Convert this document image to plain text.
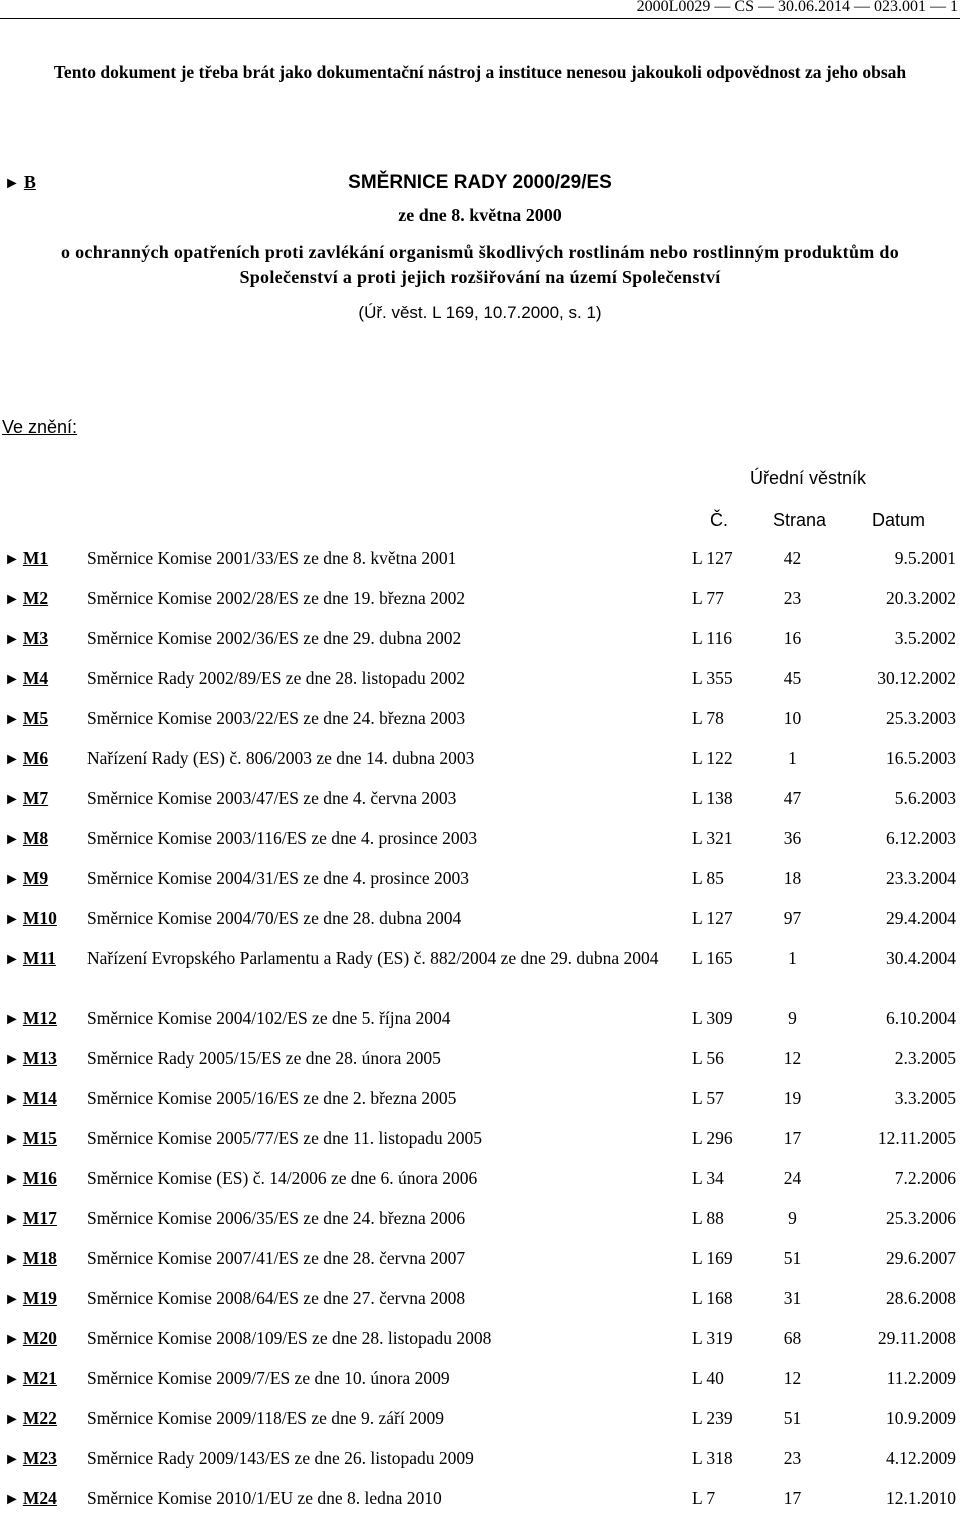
2000L0029 — CS — 30.06.2014 — 023.001 — 1
Tento dokument je třeba brát jako dokumentační nástroj a instituce nenesou jakoukoli odpovědnost za jeho obsah
► B	SMĚRNICE RADY 2000/29/ES
ze dne 8. května 2000
o ochranných opatřeních proti zavlékání organismů škodlivých rostlinám nebo rostlinným produktům do Společenství a proti jejich rozšiřování na území Společenství
(Úř. věst. L 169, 10.7.2000, s. 1)
Ve znění:
Úřední věstník
Č.	Strana	Datum
► M1 Směrnice Komise 2001/33/ES ze dne 8. května 2001	L 127	42	9.5.2001
► M2 Směrnice Komise 2002/28/ES ze dne 19. března 2002	L 77	23	20.3.2002
► M3 Směrnice Komise 2002/36/ES ze dne 29. dubna 2002	L 116	16	3.5.2002
► M4 Směrnice Rady 2002/89/ES ze dne 28. listopadu 2002	L 355	45	30.12.2002
► M5 Směrnice Komise 2003/22/ES ze dne 24. března 2003	L 78	10	25.3.2003
► M6 Nařízení Rady (ES) č. 806/2003 ze dne 14. dubna 2003	L 122	1	16.5.2003
► M7 Směrnice Komise 2003/47/ES ze dne 4. června 2003	L 138	47	5.6.2003
► M8 Směrnice Komise 2003/116/ES ze dne 4. prosince 2003	L 321	36	6.12.2003
► M9 Směrnice Komise 2004/31/ES ze dne 4. prosince 2003	L 85	18	23.3.2004
► M10 Směrnice Komise 2004/70/ES ze dne 28. dubna 2004	L 127	97	29.4.2004
► M11 Nařízení Evropského Parlamentu a Rady (ES) č. 882/2004 ze dne 29. dubna 2004	L 165	1	30.4.2004
► M12 Směrnice Komise 2004/102/ES ze dne 5. října 2004	L 309	9	6.10.2004
► M13 Směrnice Rady 2005/15/ES ze dne 28. února 2005	L 56	12	2.3.2005
► M14 Směrnice Komise 2005/16/ES ze dne 2. března 2005	L 57	19	3.3.2005
► M15 Směrnice Komise 2005/77/ES ze dne 11. listopadu 2005	L 296	17	12.11.2005
► M16 Směrnice Komise (ES) č. 14/2006 ze dne 6. února 2006	L 34	24	7.2.2006
► M17 Směrnice Komise 2006/35/ES ze dne 24. března 2006	L 88	9	25.3.2006
► M18 Směrnice Komise 2007/41/ES ze dne 28. června 2007	L 169	51	29.6.2007
► M19 Směrnice Komise 2008/64/ES ze dne 27. června 2008	L 168	31	28.6.2008
► M20 Směrnice Komise 2008/109/ES ze dne 28. listopadu 2008	L 319	68	29.11.2008
► M21 Směrnice Komise 2009/7/ES ze dne 10. února 2009	L 40	12	11.2.2009
► M22 Směrnice Komise 2009/118/ES ze dne 9. září 2009	L 239	51	10.9.2009
► M23 Směrnice Rady 2009/143/ES ze dne 26. listopadu 2009	L 318	23	4.12.2009
► M24 Směrnice Komise 2010/1/EU ze dne 8. ledna 2010	L 7	17	12.1.2010
